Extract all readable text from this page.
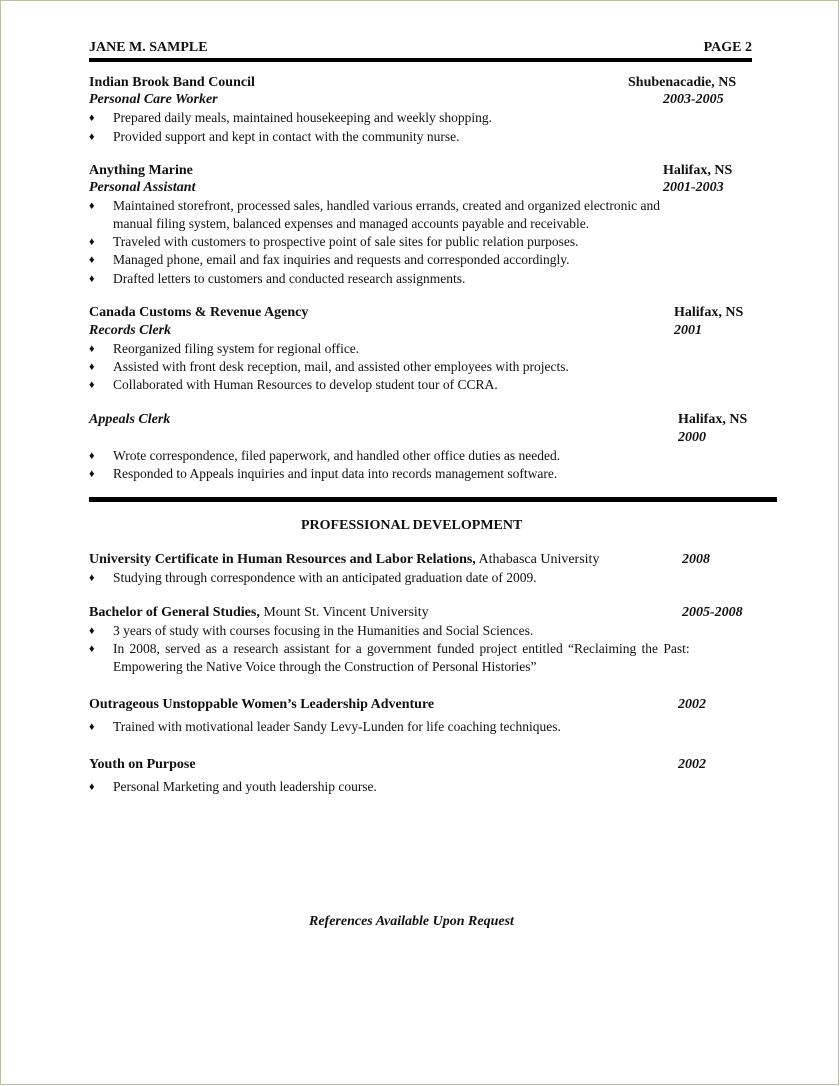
JANE M. SAMPLE	PAGE 2
Indian Brook Band Council	Shubenacadie, NS
Personal Care Worker	2003-2005
♦	Prepared daily meals, maintained housekeeping and weekly shopping.
♦	Provided support and kept in contact with the community nurse.
Anything Marine	Halifax, NS
Personal Assistant	2001-2003
♦	Maintained storefront, processed sales, handled various errands, created and organized electronic and
manual filing system, balanced expenses and managed accounts payable and receivable.
♦	Traveled with customers to prospective point of sale sites for public relation purposes.
♦	Managed phone, email and fax inquiries and requests and corresponded accordingly.
♦	Drafted letters to customers and conducted research assignments.
Canada Customs & Revenue Agency	Halifax, NS
Records Clerk	2001
♦	Reorganized filing system for regional office.
♦	Assisted with front desk reception, mail, and assisted other employees with projects.
♦	Collaborated with Human Resources to develop student tour of CCRA.
Appeals Clerk	Halifax, NS
2000
♦	Wrote correspondence, filed paperwork, and handled other office duties as needed.
♦	Responded to Appeals inquiries and input data into records management software.
PROFESSIONAL DEVELOPMENT
University Certificate in Human Resources and Labor Relations, Athabasca University	2008
♦	Studying through correspondence with an anticipated graduation date of 2009.
Bachelor of General Studies, Mount St. Vincent University	2005-2008
♦	3 years of study with courses focusing in the Humanities and Social Sciences.
♦	In 2008, served as a research assistant for a government funded project entitled “Reclaiming the Past:
Empowering the Native Voice through the Construction of Personal Histories”
Outrageous Unstoppable Women’s Leadership Adventure	2002
♦	Trained with motivational leader Sandy Levy-Lunden for life coaching techniques.
Youth on Purpose	2002
♦	Personal Marketing and youth leadership course.
References Available Upon Request
